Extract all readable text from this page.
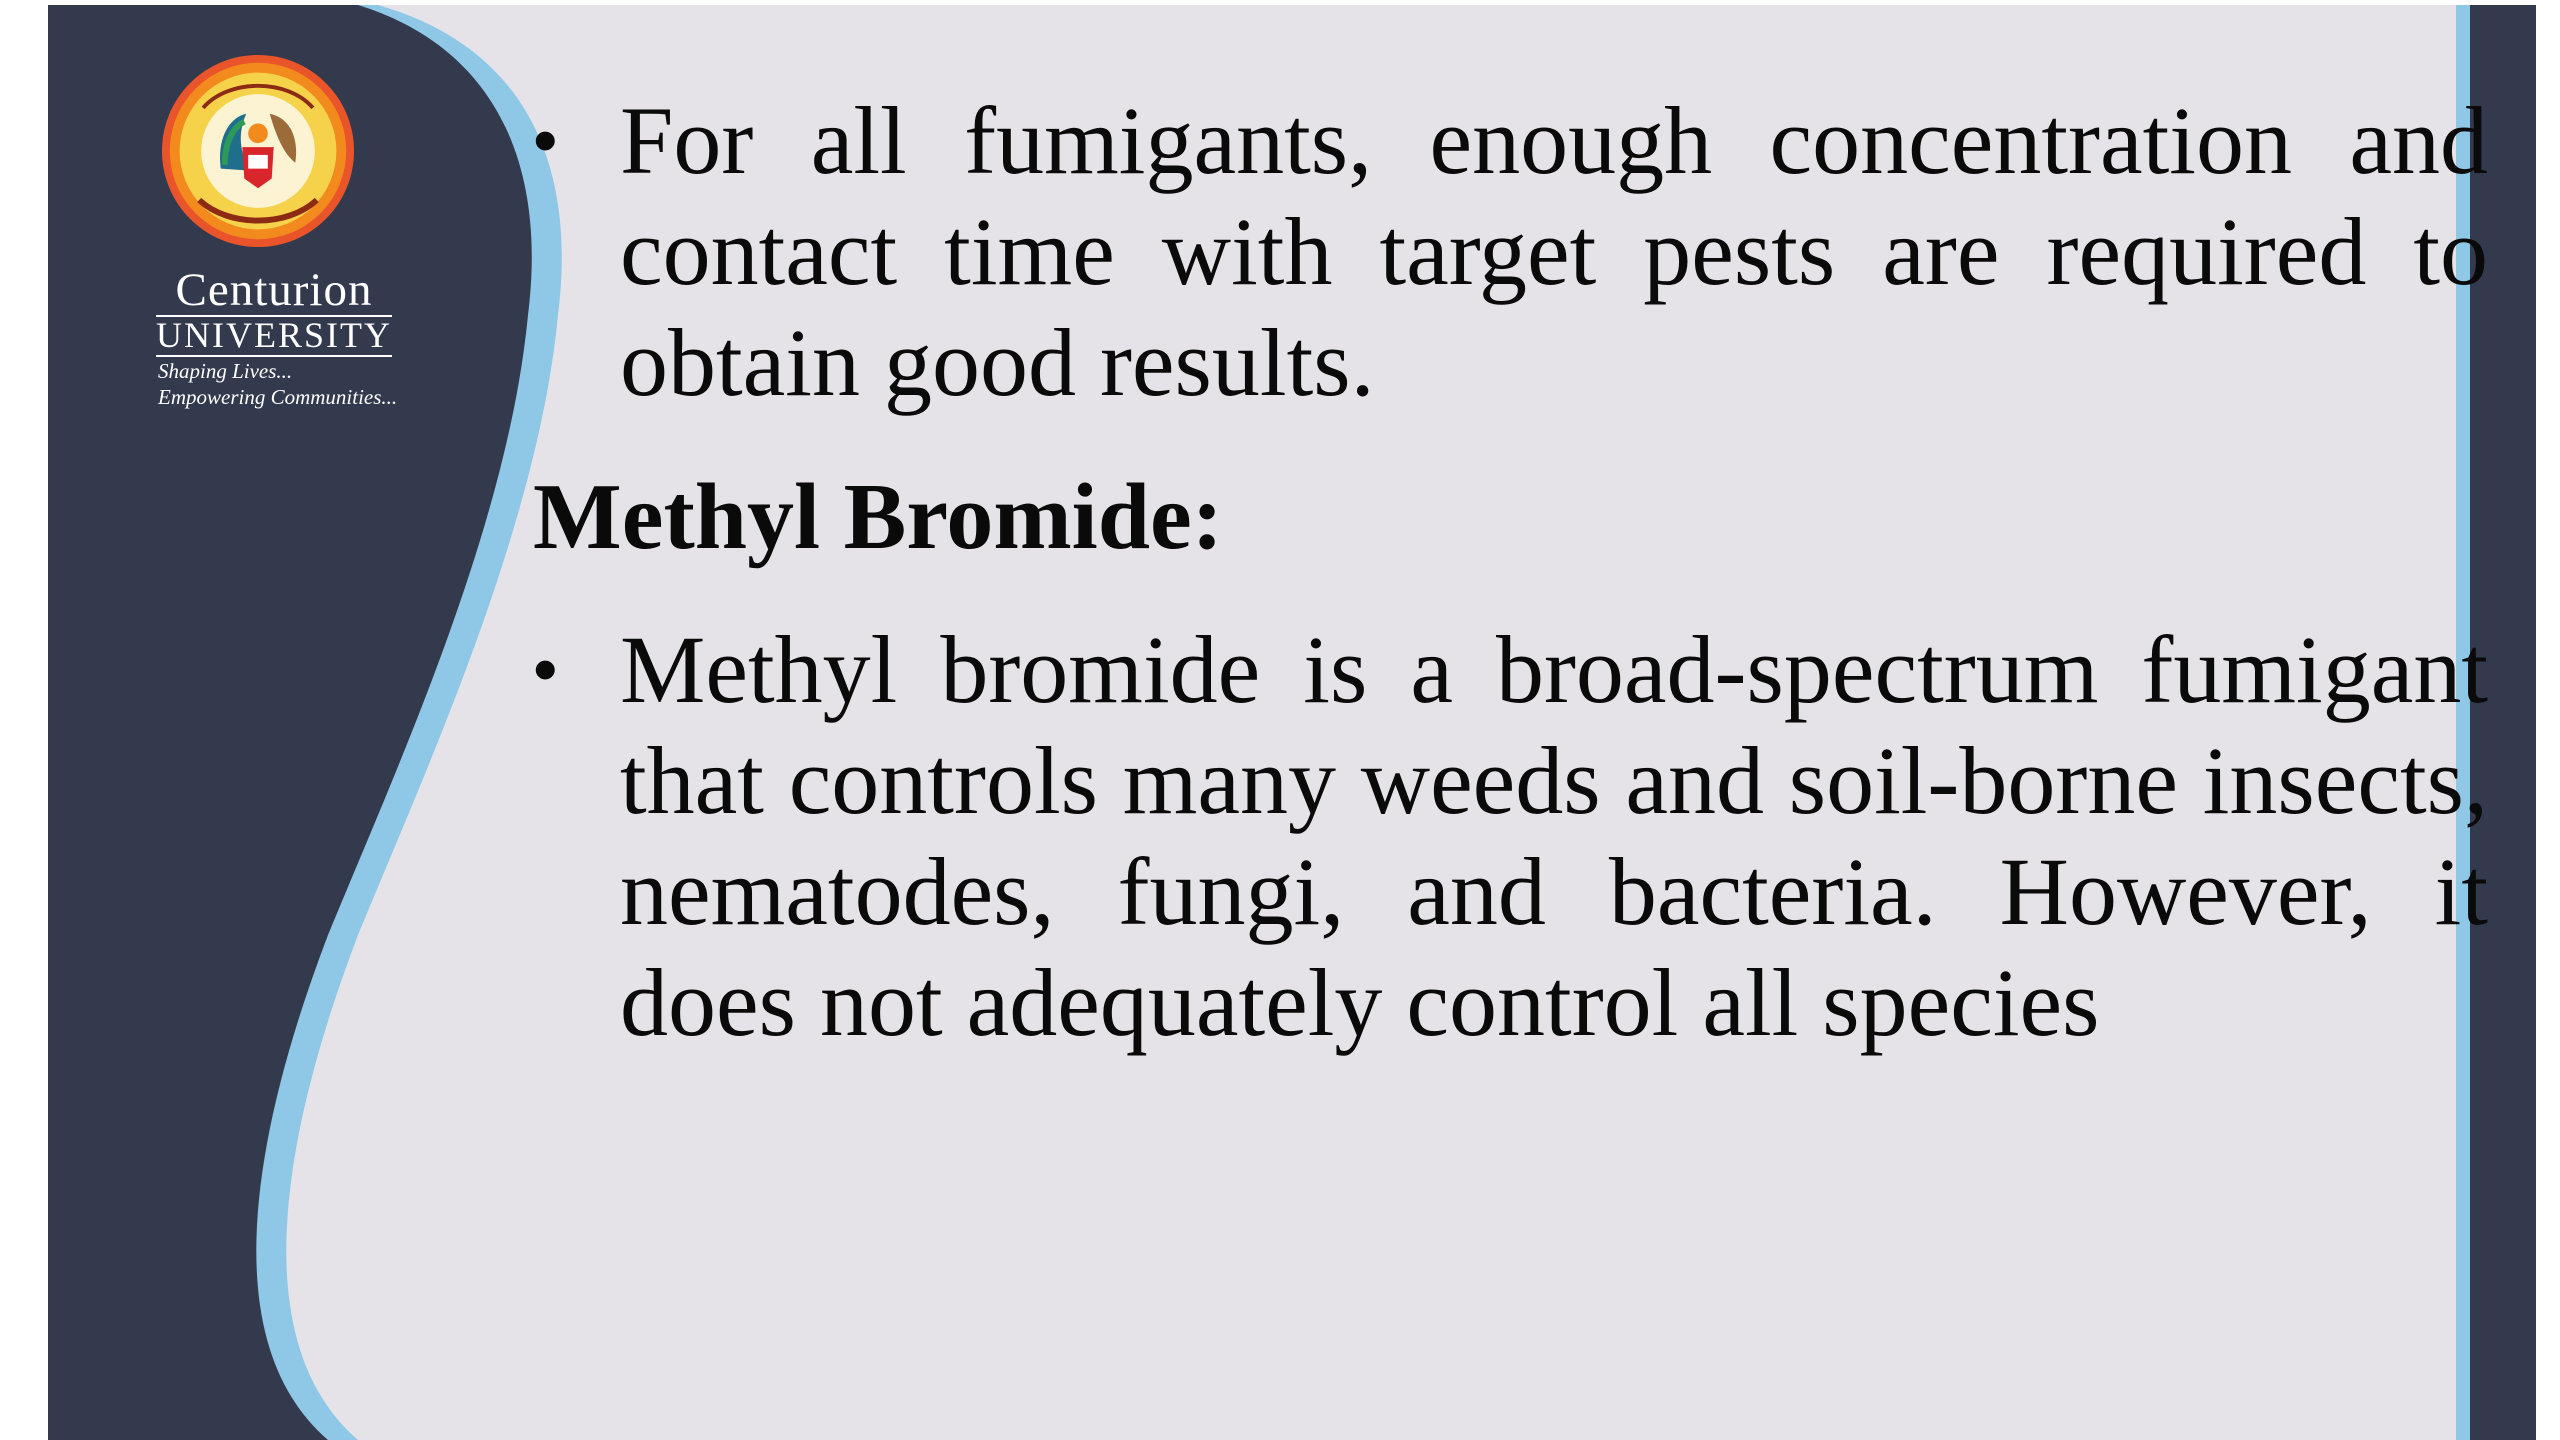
Centurion
UNIVERSITY
Shaping Lives...
Empowering Communities...
• For all fumigants, enough concentration and contact time with target pests are required to obtain good results.
Methyl Bromide:
• Methyl bromide is a broad-spectrum fumigant that controls many weeds and soil-borne insects, nematodes, fungi, and bacteria. However, it does not adequately control all species
